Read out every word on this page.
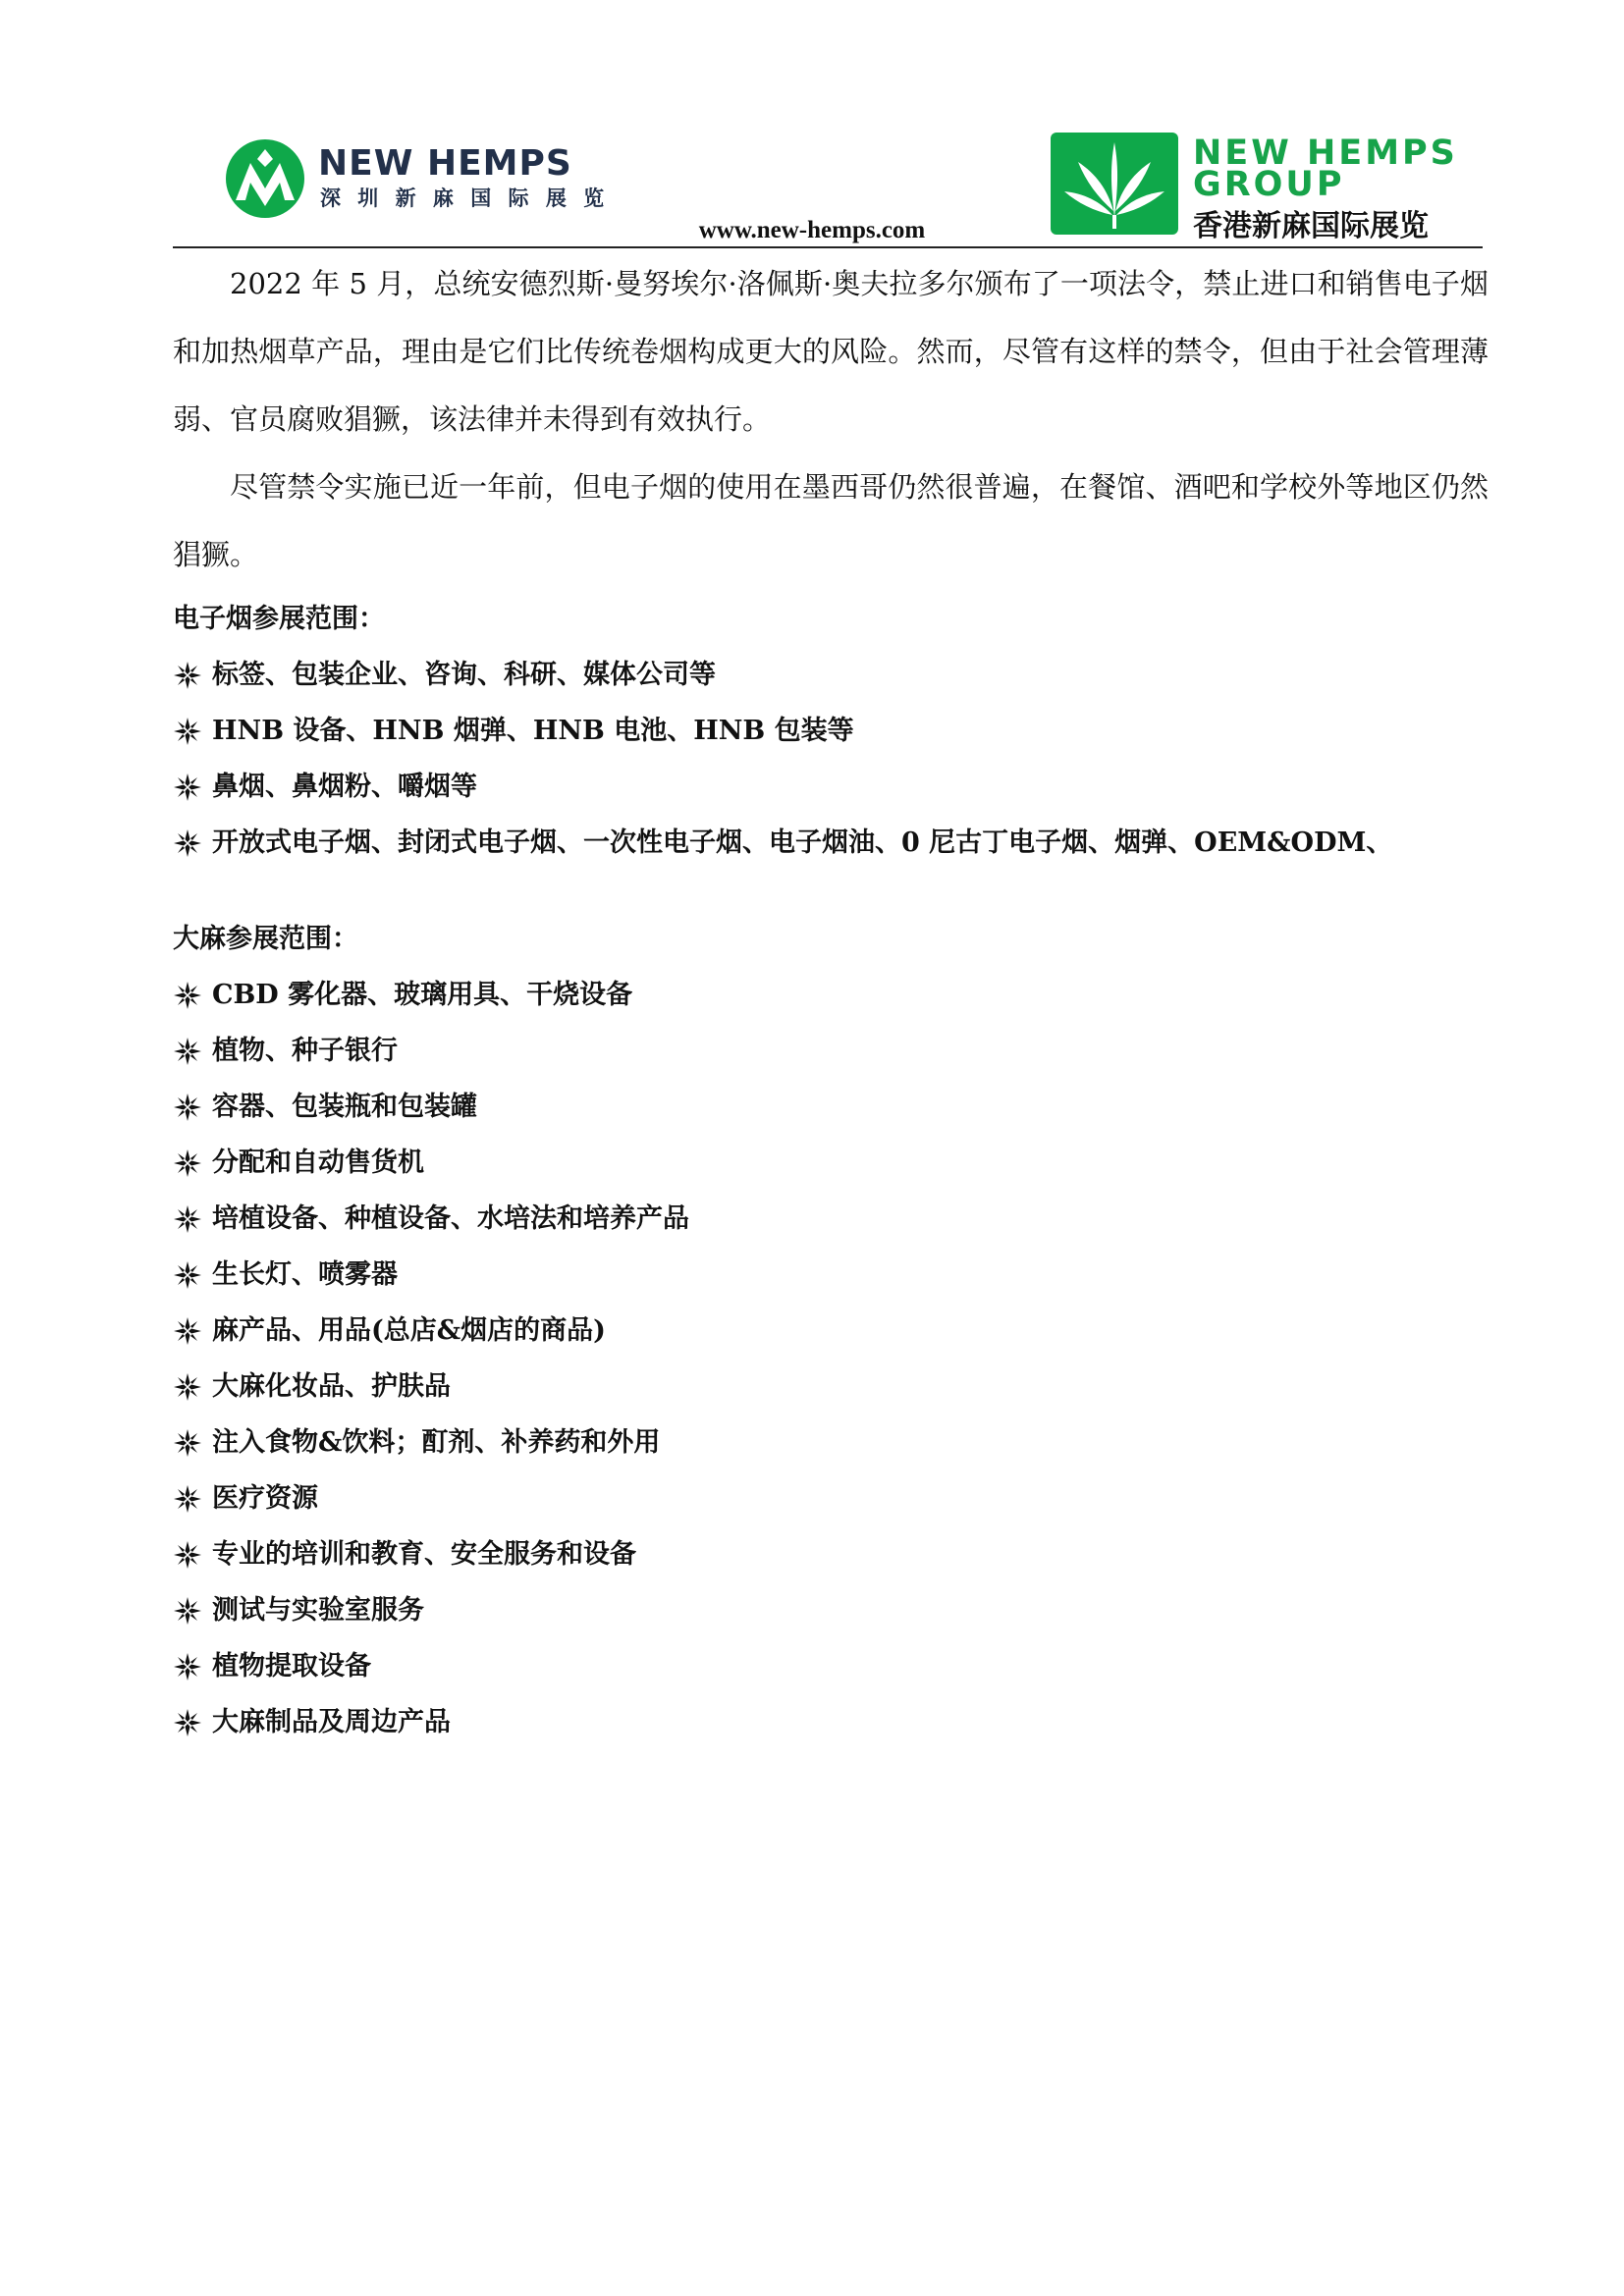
NEW HEMPS
深 圳 新 麻 国 际 展 览
NEW HEMPS
GROUP
香港新麻国际展览
www.new-hemps.com

2022 年 5 月，总统安德烈斯·曼努埃尔·洛佩斯·奥夫拉多尔颁布了一项法令，禁止进口和销售电子烟和加热烟草产品，理由是它们比传统卷烟构成更大的风险。然而，尽管有这样的禁令，但由于社会管理薄弱、官员腐败猖獗，该法律并未得到有效执行。

尽管禁令实施已近一年前，但电子烟的使用在墨西哥仍然很普遍，在餐馆、酒吧和学校外等地区仍然猖獗。

电子烟参展范围：

标签、包装企业、咨询、科研、媒体公司等
HNB 设备、HNB 烟弹、HNB 电池、HNB 包装等
鼻烟、鼻烟粉、嚼烟等
开放式电子烟、封闭式电子烟、一次性电子烟、电子烟油、0 尼古丁电子烟、烟弹、OEM&ODM、

大麻参展范围：

CBD 雾化器、玻璃用具、干烧设备
植物、种子银行
容器、包装瓶和包装罐
分配和自动售货机
培植设备、种植设备、水培法和培养产品
生长灯、喷雾器
麻产品、用品(总店&烟店的商品)
大麻化妆品、护肤品
注入食物&饮料；酊剂、补养药和外用
医疗资源
专业的培训和教育、安全服务和设备
测试与实验室服务
植物提取设备
大麻制品及周边产品
